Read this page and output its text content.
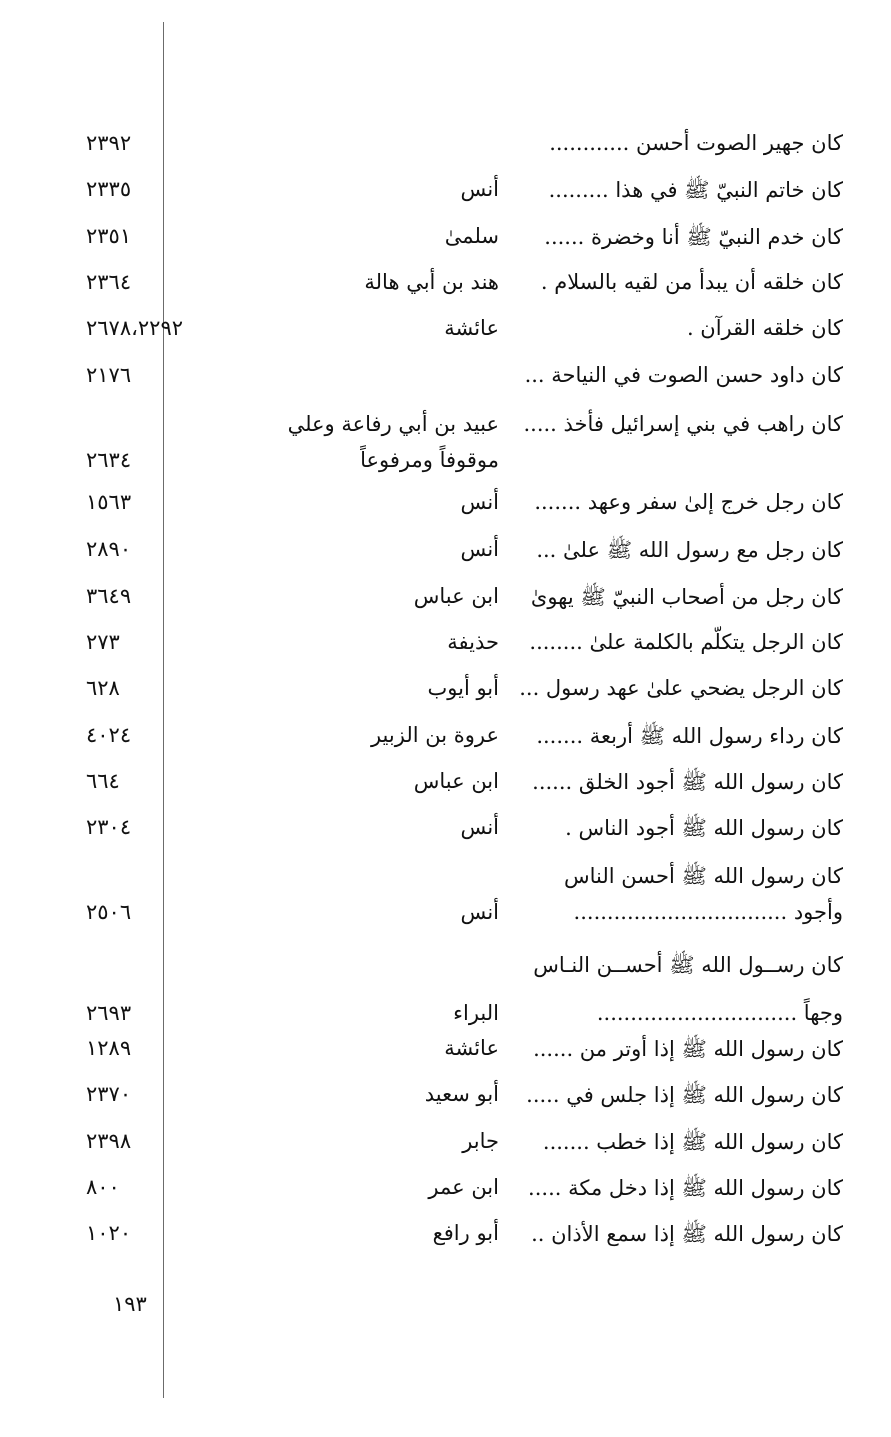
كان جهير الصوت أحسن ............
٢٣٩٢
كان خاتم النبيّ ﷺ في هذا .........
أنس
٢٣٣٥
كان خدم النبيّ ﷺ أنا وخضرة ......
سلمىٰ
٢٣٥١
كان خلقه أن يبدأ من لقيه بالسلام .
هند بن أبي هالة
٢٣٦٤
كان خلقه القرآن .
عائشة
٢٦٧٨،٢٢٩٢
كان داود حسن الصوت في النياحة ...
٢١٧٦
كان راهب في بني إسرائيل فأخذ .....
عبيد بن أبي رفاعة وعلي
موقوفاً ومرفوعاً
٢٦٣٤
كان رجل خرج إلىٰ سفر وعهد .......
أنس
١٥٦٣
كان رجل مع رسول الله ﷺ علىٰ ...
أنس
٢٨٩٠
كان رجل من أصحاب النبيّ ﷺ يهوىٰ
ابن عباس
٣٦٤٩
كان الرجل يتكلّم بالكلمة علىٰ ........
حذيفة
٢٧٣
كان الرجل يضحي علىٰ عهد رسول ...
أبو أيوب
٦٢٨
كان رداء رسول الله ﷺ أربعة .......
عروة بن الزبير
٤٠٢٤
كان رسول الله ﷺ أجود الخلق ......
ابن عباس
٦٦٤
كان رسول الله ﷺ أجود الناس .
أنس
٢٣٠٤
كان رسول الله ﷺ أحسن الناس
وأجود ................................
أنس
٢٥٠٦
كان رســول الله ﷺ أحســن النـاس
وجهاً ..............................
البراء
٢٦٩٣
كان رسول الله ﷺ إذا أوتر من ......
عائشة
١٢٨٩
كان رسول الله ﷺ إذا جلس في .....
أبو سعيد
٢٣٧٠
كان رسول الله ﷺ إذا خطب .......
جابر
٢٣٩٨
كان رسول الله ﷺ إذا دخل مكة .....
ابن عمر
٨٠٠
كان رسول الله ﷺ إذا سمع الأذان ..
أبو رافع
١٠٢٠
١٩٣
